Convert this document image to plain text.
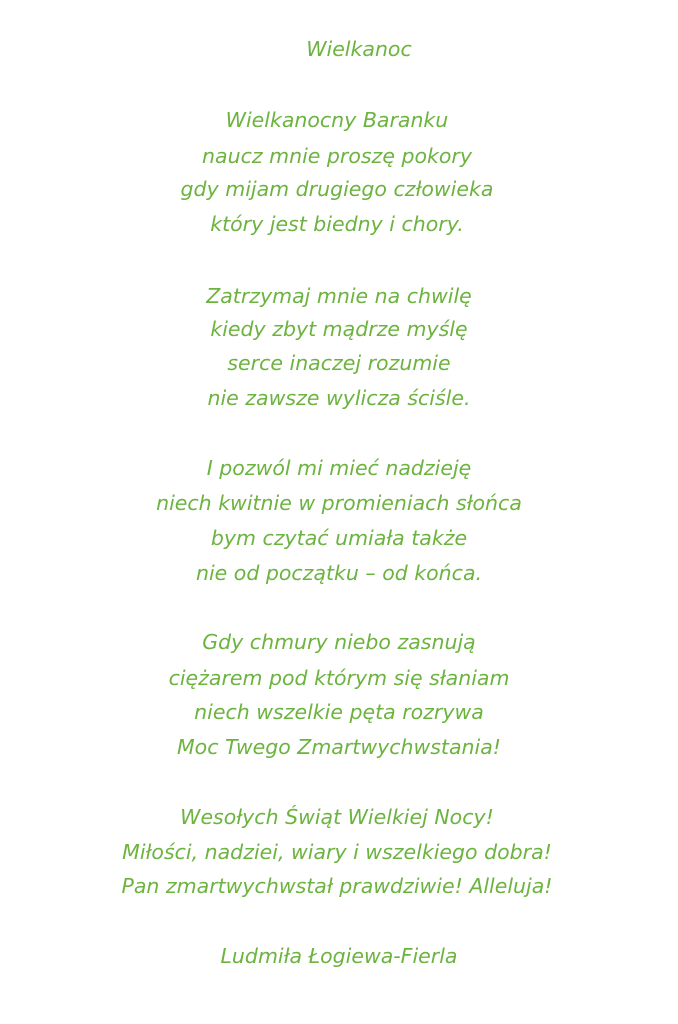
Wielkanoc

Wielkanocny Baranku

naucz mnie proszę pokory

gdy mijam drugiego człowieka

który jest biedny i chory.

Zatrzymaj mnie na chwilę

kiedy zbyt mądrze myślę

serce inaczej rozumie

nie zawsze wylicza ściśle.

I pozwól mi mieć nadzieję

niech kwitnie w promieniach słońca

bym czytać umiała także

nie od początku – od końca.

Gdy chmury niebo zasnują

ciężarem pod którym się słaniam

niech wszelkie pęta rozrywa

Moc Twego Zmartwychwstania!

Wesołych Świąt Wielkiej Nocy!

Miłości, nadziei, wiary i wszelkiego dobra!

Pan zmartwychwstał prawdziwie! Alleluja!

Ludmiła Łogiewa-Fierla
